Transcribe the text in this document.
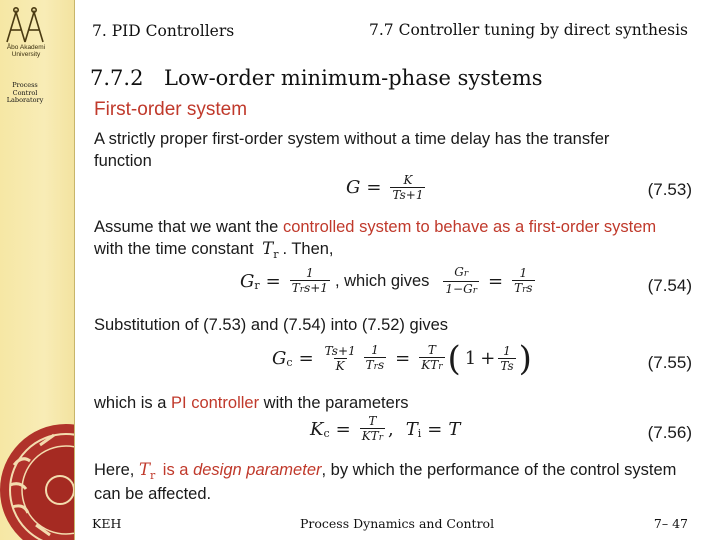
Åbo Akademi University
Process
Control
Laboratory
7. PID Controllers	7.7 Controller tuning by direct synthesis
7.7.2 Low-order minimum-phase systems
First-order system
A strictly proper first-order system without a time delay has the transfer function
$G = \frac{K}{Ts+1}$	(7.53)
Assume that we want the controlled system to behave as a first-order system with the time constant $T_r$ . Then,
G $r = \frac{1}{\text{Trs+1}}$ , which gives $\frac{Gr}{1-Gr} = \frac{1}{\text{Trs}}$	(7.54)
Substitution of (7.53) and (7.54) into (7.52) gives
G $c = \frac{Ts+1}{K} \frac{1}{\text{Trs}} = \frac{T}{\text{KTr}}$ ( $1 + \frac{1}{Ts}$ )	(7.55)
which is a PI controller with the parameters
K $c = \frac{T}{\text{KTr}}$ , T i = T	(7.56)
Here, $T_r$ is a design parameter, by which the performance of the control system can be affected.
KEH	Process Dynamics and Control	7– 47
